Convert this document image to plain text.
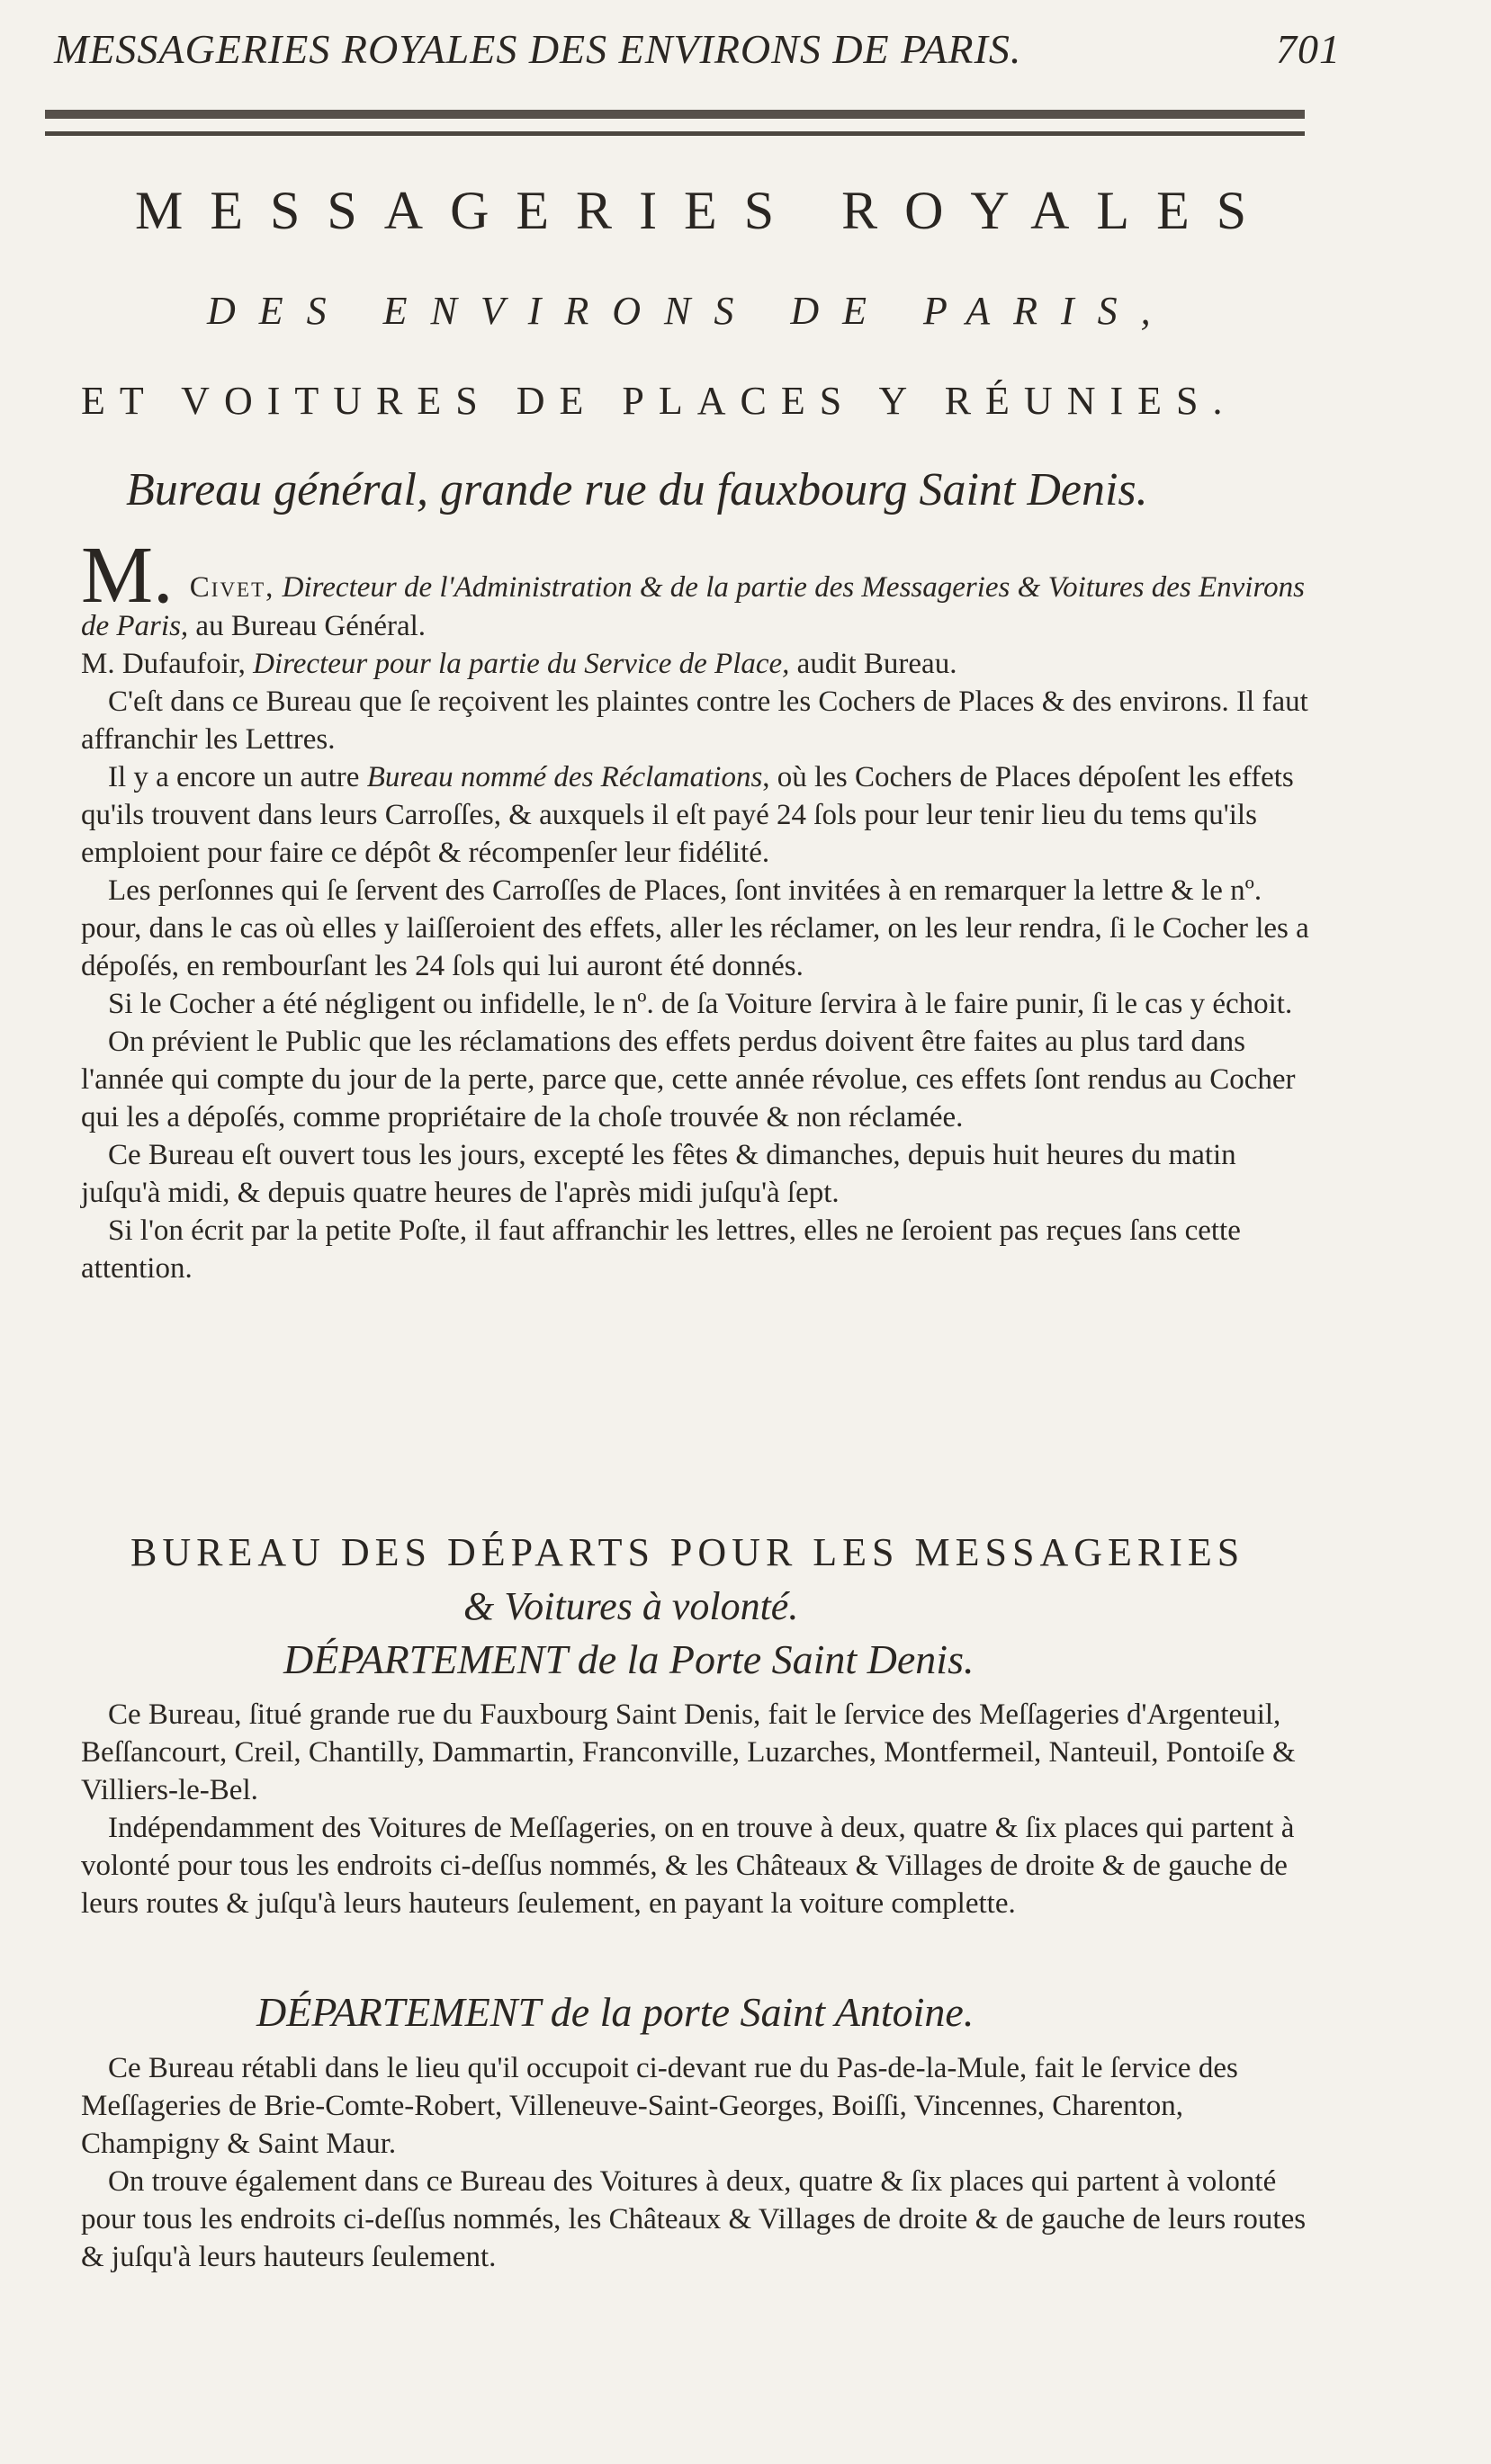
MESSAGERIES ROYALES DES ENVIRONS DE PARIS.	701
MESSAGERIES ROYALES
DES ENVIRONS DE PARIS,
ET VOITURES DE PLACES Y RÉUNIES.
Bureau général, grande rue du fauxbourg Saint Denis.

M. Civet, Directeur de l'Administration & de la partie des Messageries & Voitures des Environs de Paris, au Bureau Général.

M. Dufaufoir, Directeur pour la partie du Service de Place, audit Bureau.

C'eſt dans ce Bureau que ſe reçoivent les plaintes contre les Cochers de Places & des environs. Il faut affranchir les Lettres.

Il y a encore un autre Bureau nommé des Réclamations, où les Cochers de Places dépoſent les effets qu'ils trouvent dans leurs Carroſſes, & auxquels il eſt payé 24 ſols pour leur tenir lieu du tems qu'ils emploient pour faire ce dépôt & récompenſer leur fidélité.

Les perſonnes qui ſe ſervent des Carroſſes de Places, ſont invitées à en remarquer la lettre & le nº. pour, dans le cas où elles y laiſſeroient des effets, aller les réclamer, on les leur rendra, ſi le Cocher les a dépoſés, en rembourſant les 24 ſols qui lui auront été donnés.

Si le Cocher a été négligent ou infidelle, le nº. de ſa Voiture ſervira à le faire punir, ſi le cas y échoit.

On prévient le Public que les réclamations des effets perdus doivent être faites au plus tard dans l'année qui compte du jour de la perte, parce que, cette année révolue, ces effets ſont rendus au Cocher qui les a dépoſés, comme propriétaire de la choſe trouvée & non réclamée.

Ce Bureau eſt ouvert tous les jours, excepté les fêtes & dimanches, depuis huit heures du matin juſqu'à midi, & depuis quatre heures de l'après midi juſqu'à ſept.

Si l'on écrit par la petite Poſte, il faut affranchir les lettres, elles ne ſeroient pas reçues ſans cette attention.

BUREAU DES DÉPARTS POUR LES MESSAGERIES
& Voitures à volonté.
DÉPARTEMENT de la Porte Saint Denis.

Ce Bureau, ſitué grande rue du Fauxbourg Saint Denis, fait le ſervice des Meſſageries d'Argenteuil, Beſſancourt, Creil, Chantilly, Dammartin, Franconville, Luzarches, Montfermeil, Nanteuil, Pontoiſe & Villiers-le-Bel.

Indépendamment des Voitures de Meſſageries, on en trouve à deux, quatre & ſix places qui partent à volonté pour tous les endroits ci-deſſus nommés, & les Châteaux & Villages de droite & de gauche de leurs routes & juſqu'à leurs hauteurs ſeulement, en payant la voiture complette.

DÉPARTEMENT de la porte Saint Antoine.

Ce Bureau rétabli dans le lieu qu'il occupoit ci-devant rue du Pas-de-la-Mule, fait le ſervice des Meſſageries de Brie-Comte-Robert, Villeneuve-Saint-Georges, Boiſſi, Vincennes, Charenton, Champigny & Saint Maur.

On trouve également dans ce Bureau des Voitures à deux, quatre & ſix places qui partent à volonté pour tous les endroits ci-deſſus nommés, les Châteaux & Villages de droite & de gauche de leurs routes & juſqu'à leurs hauteurs ſeulement.
